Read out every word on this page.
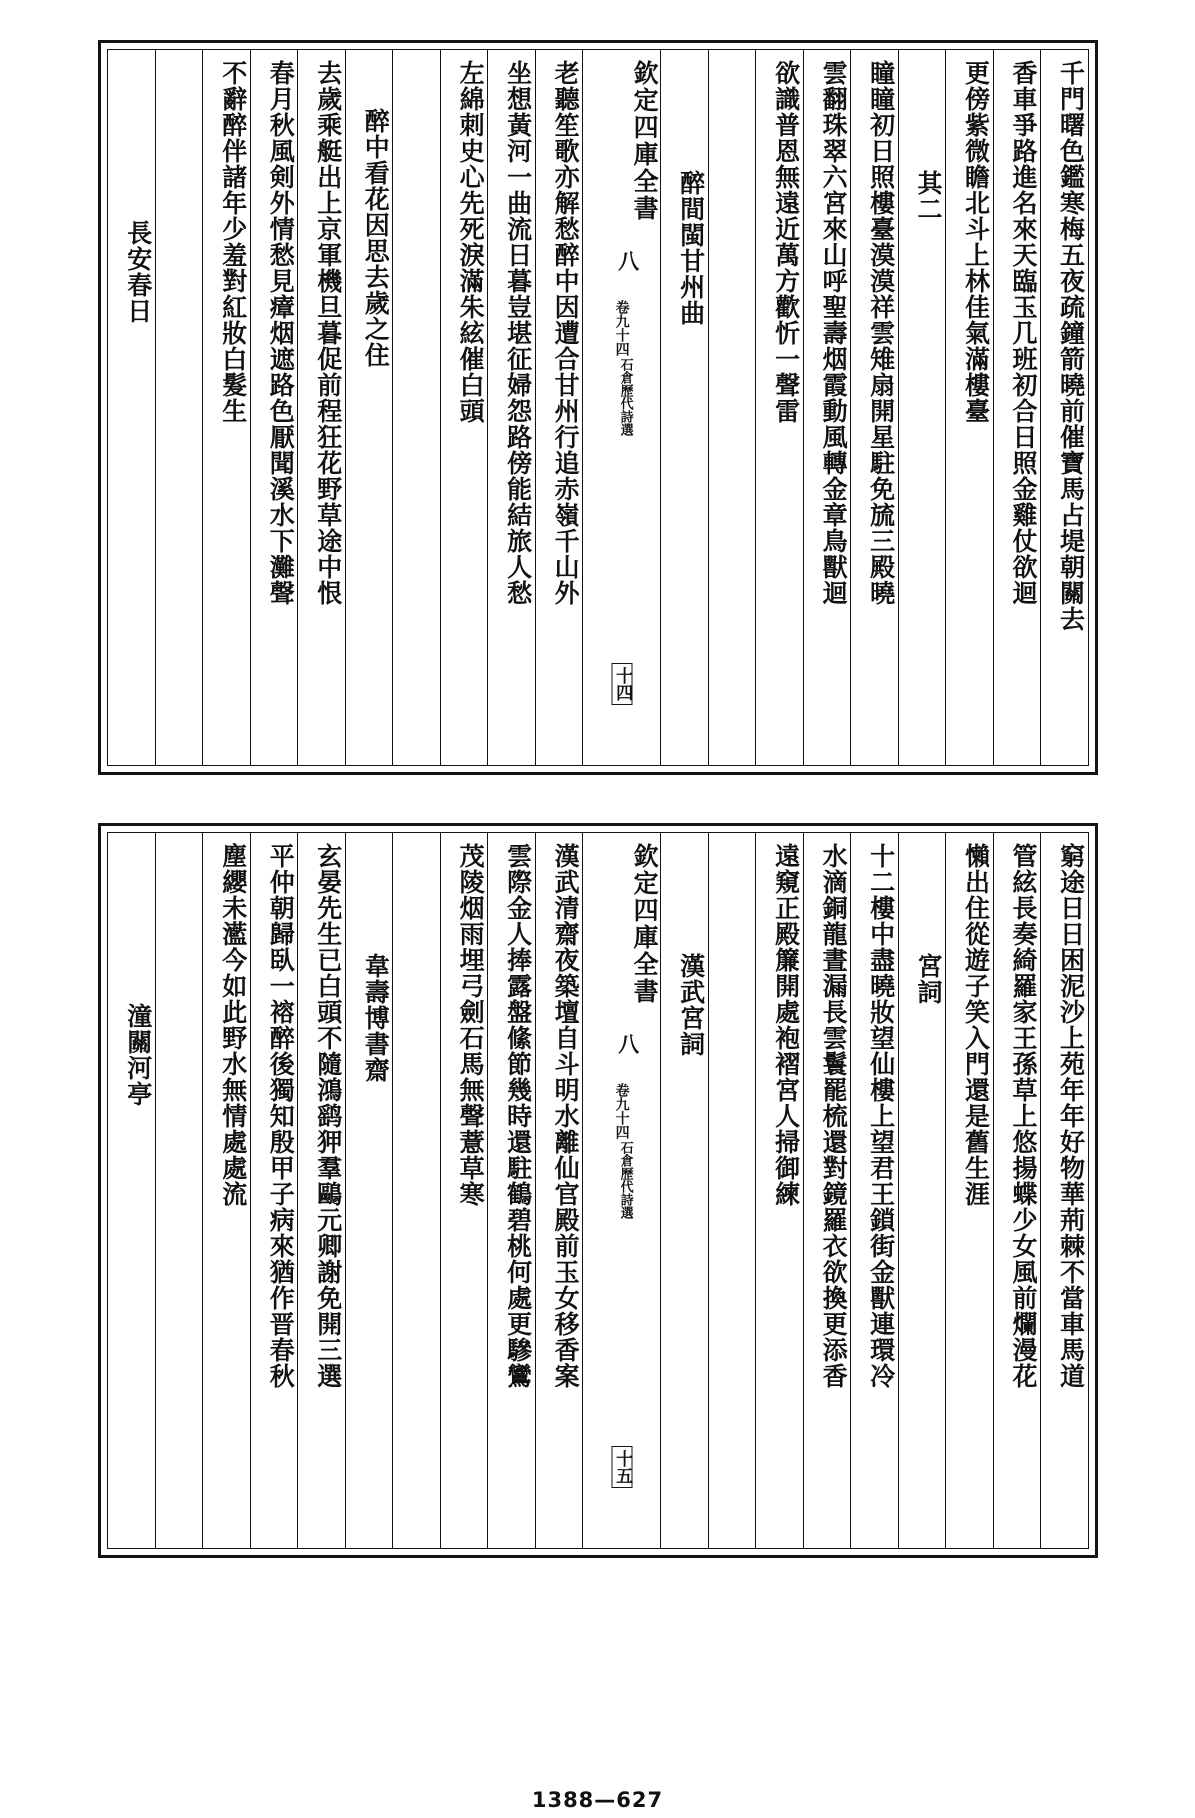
千門曙色鑑寒梅五夜疏鐘箭曉前催寶馬占堤朝關去
香車爭路進名來天臨玉几班初合日照金雞仗欲迴
更傍紫微瞻北斗上林佳氣滿樓臺
其二
瞳瞳初日照樓臺漠漠祥雲雉扇開星駐免旈三殿曉
雲翻珠翠六宮來山呼聖壽烟霞動風轉金章鳥獸迴
欲識普恩無遠近萬方歡忻一聲雷
醉間閩甘州曲
欽定四庫全書
八
石倉歷代詩選
卷九十四
十四
老聽笙歌亦解愁醉中因遭合甘州行追赤嶺千山外
坐想黃河一曲流日暮豈堪征婦怨路傍能結旅人愁
左綿刺史心先死淚滿朱絃催白頭
醉中看花因思去歲之住
去歲乘艇出上京軍機旦暮促前程狂花野草途中恨
春月秋風剣外情愁見瘴烟遮路色厭聞溪水下灘聲
不辭醉伴諸年少羞對紅妝白髮生
長安春日
窮途日日困泥沙上苑年年好物華荊棘不當車馬道
管絃長奏綺羅家王孫草上悠揚蝶少女風前爛漫花
懶出住從遊子笑入門還是舊生涯
宮詞
十二樓中盡曉妝望仙樓上望君王鎖街金獸連環冷
水滴銅龍晝漏長雲鬟罷梳還對鏡羅衣欲換更添香
遠窺正殿簾開處袍褶宮人掃御練
漢武宮詞
欽定四庫全書
八
石倉歷代詩選
卷九十四
十五
漢武清齋夜築壇自斗明水離仙官殿前玉女移香案
雲際金人捧露盤絛節幾時還駐鶴碧桃何處更驂鸞
茂陵烟雨埋弓劍石馬無聲薏草寒
韋壽博書齋
玄晏先生已白頭不隨鴻鹞狎羣鷗元卿謝免開三選
平仲朝歸臥一褣醉後獨知殷甲子病來猶作晋春秋
塵纓未灆今如此野水無情處處流
潼關河亭
1388—627
